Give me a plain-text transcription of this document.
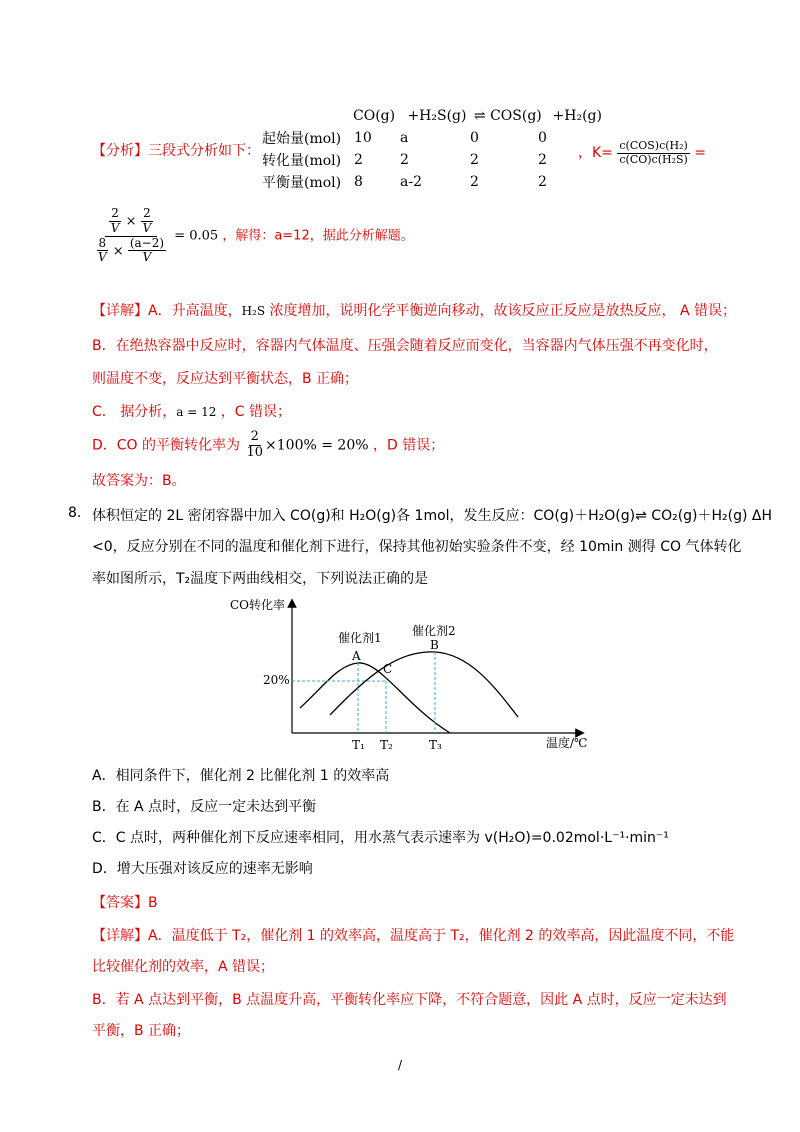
【分析】三段式分析如下：
CO(g) +H₂S(g) ⇌ COS(g) +H₂(g)
起始量(mol)	10	a	0	0
转化量(mol)	2	2	2	2
平衡量(mol)	8	a-2	2	2
，$K= \frac{\text{c(COS)c(H₂)}}{\text{c(CO)c(H₂S)}}$ =
$\frac{\frac{2}{V} \times \frac{2}{V}}{\frac{8}{V} \times \frac{(a-2)}{V}} = 0.05$ ，解得：a=12，据此分析解题。
【详解】A．升高温度，H₂S 浓度增加，说明化学平衡逆向移动，故该反应正反应是放热反应， A 错误；
B．在绝热容器中反应时，容器内气体温度、压强会随着反应而变化，当容器内气体压强不再变化时，
则温度不变，反应达到平衡状态，B 正确；
C． 据分析，a = 12 ，C 错误；
D．CO 的平衡转化率为 $\frac{2}{10} \times 100\% = 20\%$ ，D 错误；
故答案为：B。
8. 体积恒定的 2L 密闭容器中加入 CO(g)和 H₂O(g)各 1mol，发生反应：CO(g)＋H₂O(g)⇌ CO₂(g)＋H₂(g) ΔH
<0，反应分别在不同的温度和催化剂下进行，保持其他初始实验条件不变，经 10min 测得 CO 气体转化
率如图所示，T₂温度下两曲线相交，下列说法正确的是
CO转化率
温度/℃
20%
催化剂1	催化剂2
A
B
C
T₁ T₂	T₃
A．相同条件下，催化剂 2 比催化剂 1 的效率高
B．在 A 点时，反应一定未达到平衡
C．C 点时，两种催化剂下反应速率相同，用水蒸气表示速率为 v(H₂O)=0.02mol·L⁻¹·min⁻¹
D．增大压强对该反应的速率无影响
【答案】B
【详解】A．温度低于 T₂，催化剂 1 的效率高，温度高于 T₂，催化剂 2 的效率高，因此温度不同，不能
比较催化剂的效率，A 错误；
B．若 A 点达到平衡，B 点温度升高，平衡转化率应下降，不符合题意，因此 A 点时，反应一定未达到
平衡，B 正确；
/
